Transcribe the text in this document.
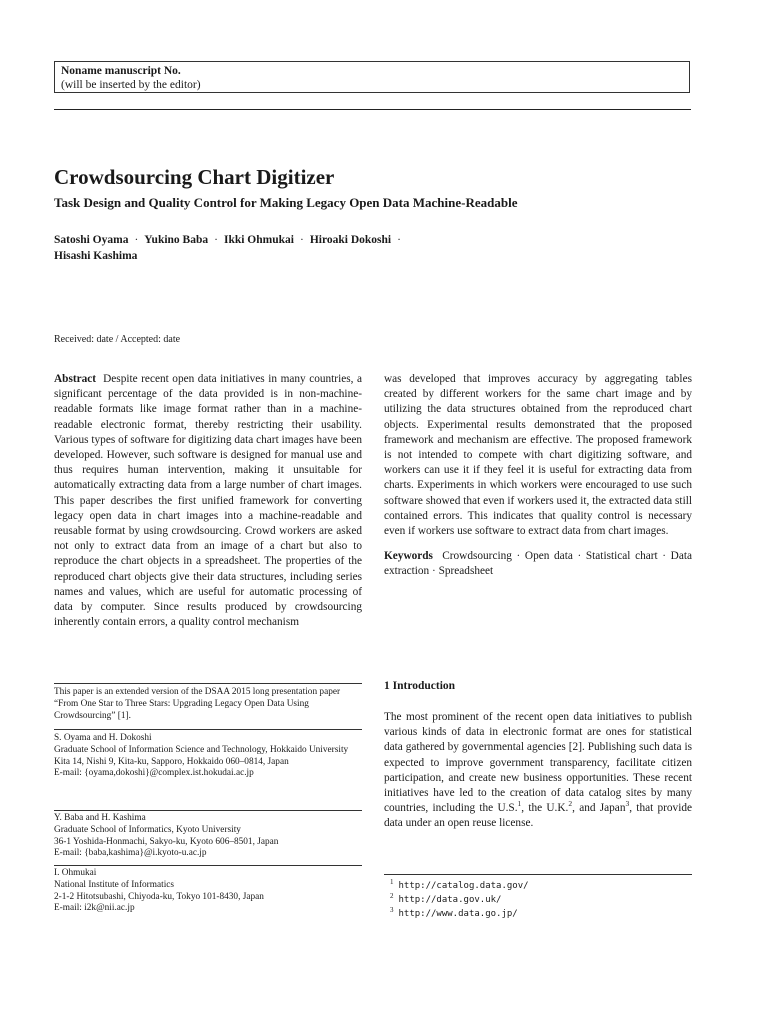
Noname manuscript No.
(will be inserted by the editor)
Crowdsourcing Chart Digitizer
Task Design and Quality Control for Making Legacy Open Data Machine-Readable
Satoshi Oyama · Yukino Baba · Ikki Ohmukai · Hiroaki Dokoshi ·
Hisashi Kashima
Received: date / Accepted: date

Abstract Despite recent open data initiatives in many countries, a significant percentage of the data provided is in non-machine-readable formats like image format rather than in a machine-readable electronic format, thereby restricting their usability. Various types of software for digitizing data chart images have been developed. However, such software is designed for manual use and thus requires human intervention, making it unsuitable for automatically extracting data from a large number of chart images. This paper describes the first unified framework for converting legacy open data in chart images into a machine-readable and reusable format by using crowdsourcing. Crowd workers are asked not only to extract data from an image of a chart but also to reproduce the chart objects in a spreadsheet. The properties of the reproduced chart objects give their data structures, including series names and values, which are useful for automatic processing of data by computer. Since results produced by crowdsourcing inherently contain errors, a quality control mechanism

was developed that improves accuracy by aggregating tables created by different workers for the same chart image and by utilizing the data structures obtained from the reproduced chart objects. Experimental results demonstrated that the proposed framework and mechanism are effective. The proposed framework is not intended to compete with chart digitizing software, and workers can use it if they feel it is useful for extracting data from charts. Experiments in which workers were encouraged to use such software showed that even if workers used it, the extracted data still contained errors. This indicates that quality control is necessary even if workers use software to extract data from chart images.

Keywords Crowdsourcing · Open data · Statistical chart · Data extraction · Spreadsheet

This paper is an extended version of the DSAA 2015 long presentation paper “From One Star to Three Stars: Upgrading Legacy Open Data Using Crowdsourcing” [1].

S. Oyama and H. Dokoshi

Graduate School of Information Science and Technology, Hokkaido University

Kita 14, Nishi 9, Kita-ku, Sapporo, Hokkaido 060–0814, Japan

E-mail: {oyama,dokoshi}@complex.ist.hokudai.ac.jp

Y. Baba and H. Kashima

Graduate School of Informatics, Kyoto University

36-1 Yoshida-Honmachi, Sakyo-ku, Kyoto 606–8501, Japan

E-mail: {baba,kashima}@i.kyoto-u.ac.jp

I. Ohmukai

National Institute of Informatics

2-1-2 Hitotsubashi, Chiyoda-ku, Tokyo 101-8430, Japan

E-mail: i2k@nii.ac.jp

1 Introduction

The most prominent of the recent open data initiatives to publish various kinds of data in electronic format are ones for statistical data gathered by governmental agencies [2]. Publishing such data is expected to improve government transparency, facilitate citizen participation, and create new business opportunities. These recent initiatives have led to the creation of data catalog sites by many countries, including the U.S.$^1$, the U.K.$^2$, and Japan$^3$, that provide data under an open reuse license.

$^1$ http://catalog.data.gov/
$^2$ http://data.gov.uk/
$^3$ http://www.data.go.jp/
